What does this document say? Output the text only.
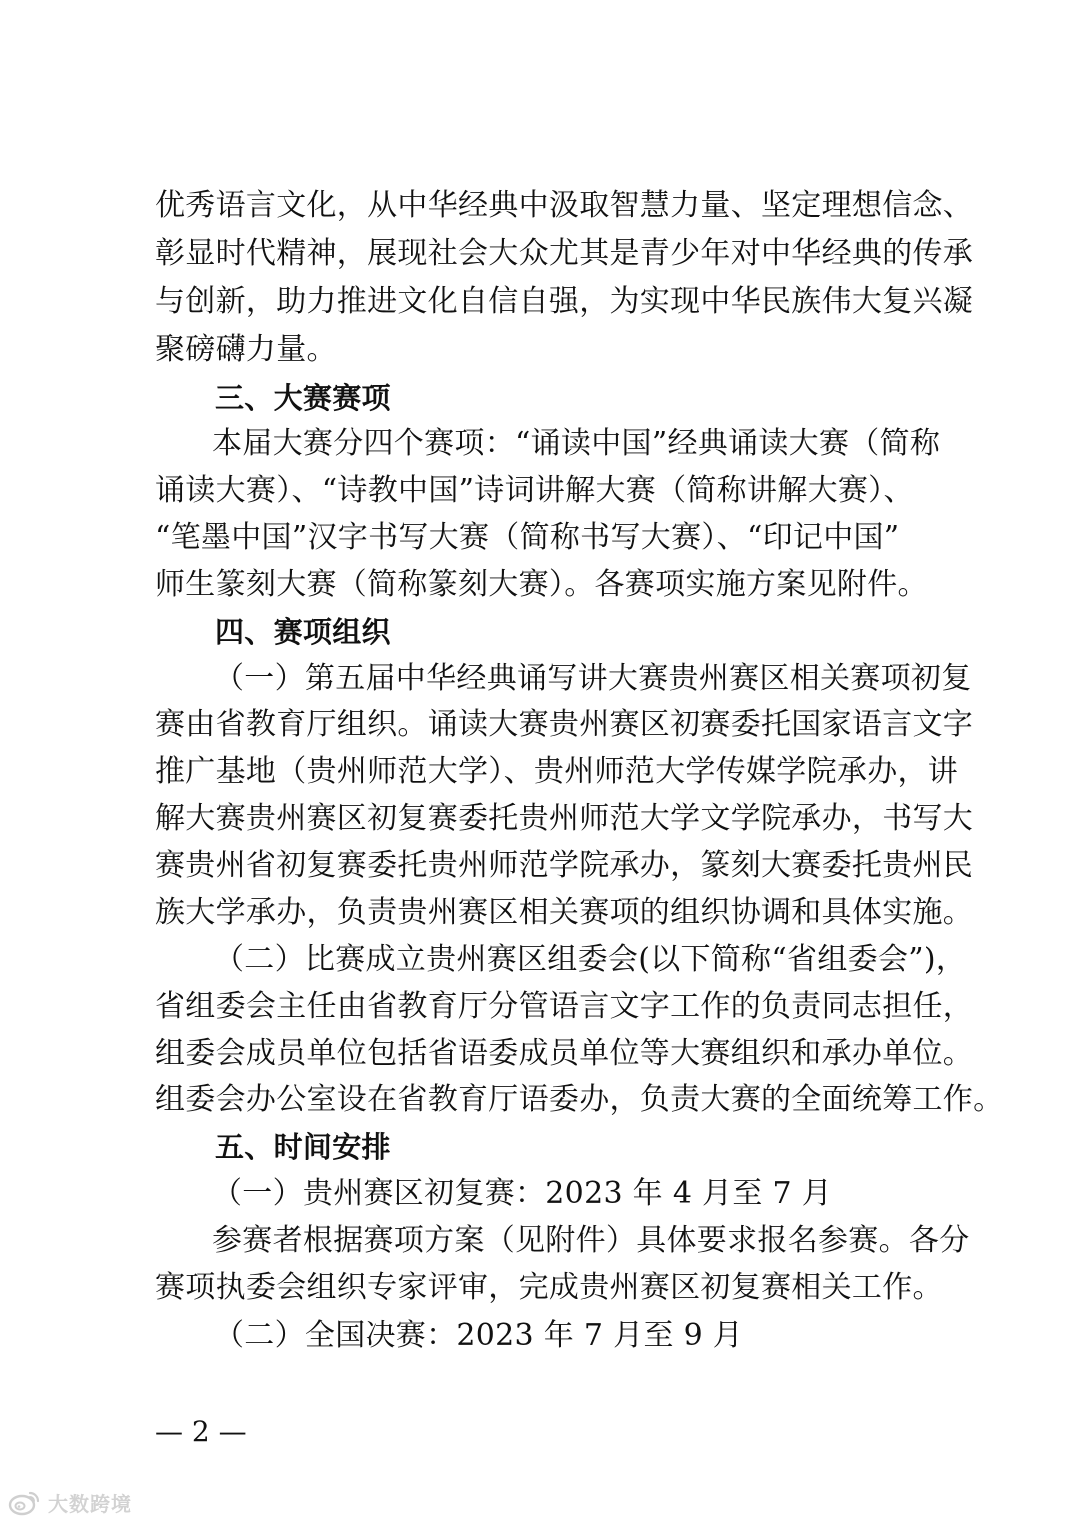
优秀语言文化，从中华经典中汲取智慧力量、坚定理想信念、
彰显时代精神，展现社会大众尤其是青少年对中华经典的传承
与创新，助力推进文化自信自强，为实现中华民族伟大复兴凝
聚磅礴力量。
三、大赛赛项
本届大赛分四个赛项：“诵读中国”经典诵读大赛（简称
诵读大赛）、“诗教中国”诗词讲解大赛（简称讲解大赛）、
“笔墨中国”汉字书写大赛（简称书写大赛）、“印记中国”
师生篆刻大赛（简称篆刻大赛）。各赛项实施方案见附件。
四、赛项组织
（一）第五届中华经典诵写讲大赛贵州赛区相关赛项初复
赛由省教育厅组织。诵读大赛贵州赛区初赛委托国家语言文字
推广基地（贵州师范大学）、贵州师范大学传媒学院承办，讲
解大赛贵州赛区初复赛委托贵州师范大学文学院承办，书写大
赛贵州省初复赛委托贵州师范学院承办，篆刻大赛委托贵州民
族大学承办，负责贵州赛区相关赛项的组织协调和具体实施。
（二）比赛成立贵州赛区组委会(以下简称“省组委会”)，
省组委会主任由省教育厅分管语言文字工作的负责同志担任，
组委会成员单位包括省语委成员单位等大赛组织和承办单位。
组委会办公室设在省教育厅语委办，负责大赛的全面统筹工作。
五、时间安排
（一）贵州赛区初复赛：2023 年 4 月至 7 月
参赛者根据赛项方案（见附件）具体要求报名参赛。各分
赛项执委会组织专家评审，完成贵州赛区初复赛相关工作。
（二）全国决赛：2023 年 7 月至 9 月
— 2 —
大数跨境
